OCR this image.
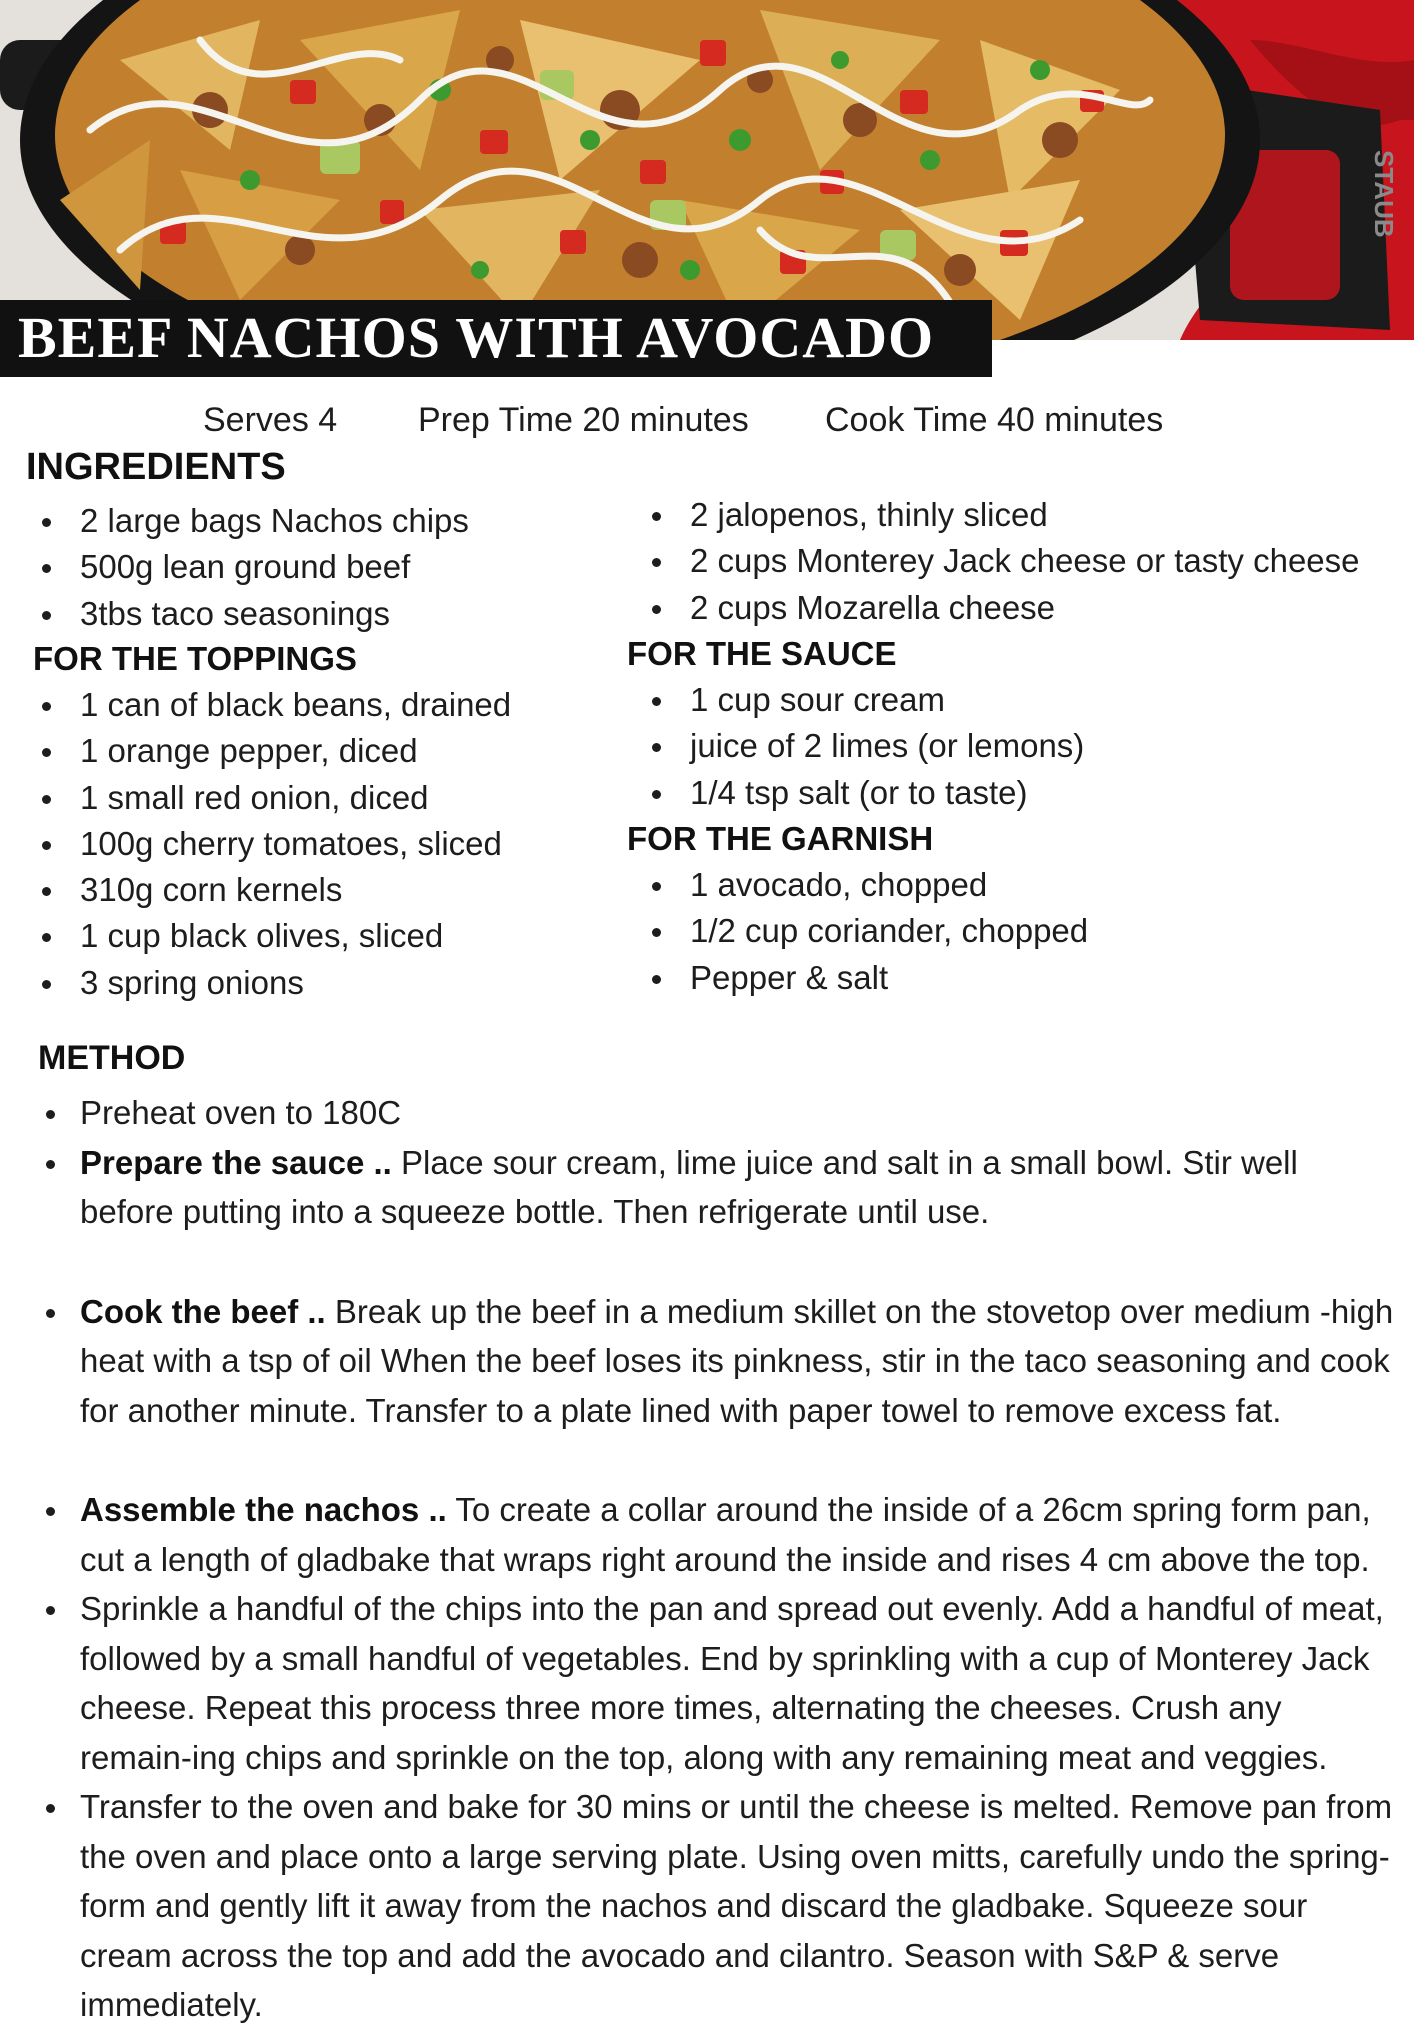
STAUB
BEEF NACHOS WITH AVOCADO
Serves 4 Prep Time 20 minutes Cook Time 40 minutes
INGREDIENTS
2 large bags Nachos chips
500g lean ground beef
3tbs taco seasonings
FOR THE TOPPINGS
1 can of black beans, drained
1 orange pepper, diced
1 small red onion, diced
100g cherry tomatoes, sliced
310g corn kernels
1 cup black olives, sliced
3 spring onions
2 jalopenos, thinly sliced
2 cups Monterey Jack cheese or tasty cheese
2 cups Mozarella cheese
FOR THE SAUCE
1 cup sour cream
juice of 2 limes (or lemons)
1/4 tsp salt (or to taste)
FOR THE GARNISH
1 avocado, chopped
1/2 cup coriander, chopped
Pepper & salt
METHOD
Preheat oven to 180C
Prepare the sauce .. Place sour cream, lime juice and salt in a small bowl. Stir well before putting into a squeeze bottle. Then refrigerate until use.
Cook the beef .. Break up the beef in a medium skillet on the stovetop over medium -high heat with a tsp of oil When the beef loses its pinkness, stir in the taco seasoning and cook for another minute. Transfer to a plate lined with paper towel to remove excess fat.
Assemble the nachos .. To create a collar around the inside of a 26cm spring form pan, cut a length of gladbake that wraps right around the inside and rises 4 cm above the top.
Sprinkle a handful of the chips into the pan and spread out evenly. Add a handful of meat, followed by a small handful of vegetables. End by sprinkling with a cup of Monterey Jack cheese. Repeat this process three more times, alternating the cheeses. Crush any remain-ing chips and sprinkle on the top, along with any remaining meat and veggies.
Transfer to the oven and bake for 30 mins or until the cheese is melted. Remove pan from the oven and place onto a large serving plate. Using oven mitts, carefully undo the spring-form and gently lift it away from the nachos and discard the gladbake. Squeeze sour cream across the top and add the avocado and cilantro. Season with S&P & serve immediately.
